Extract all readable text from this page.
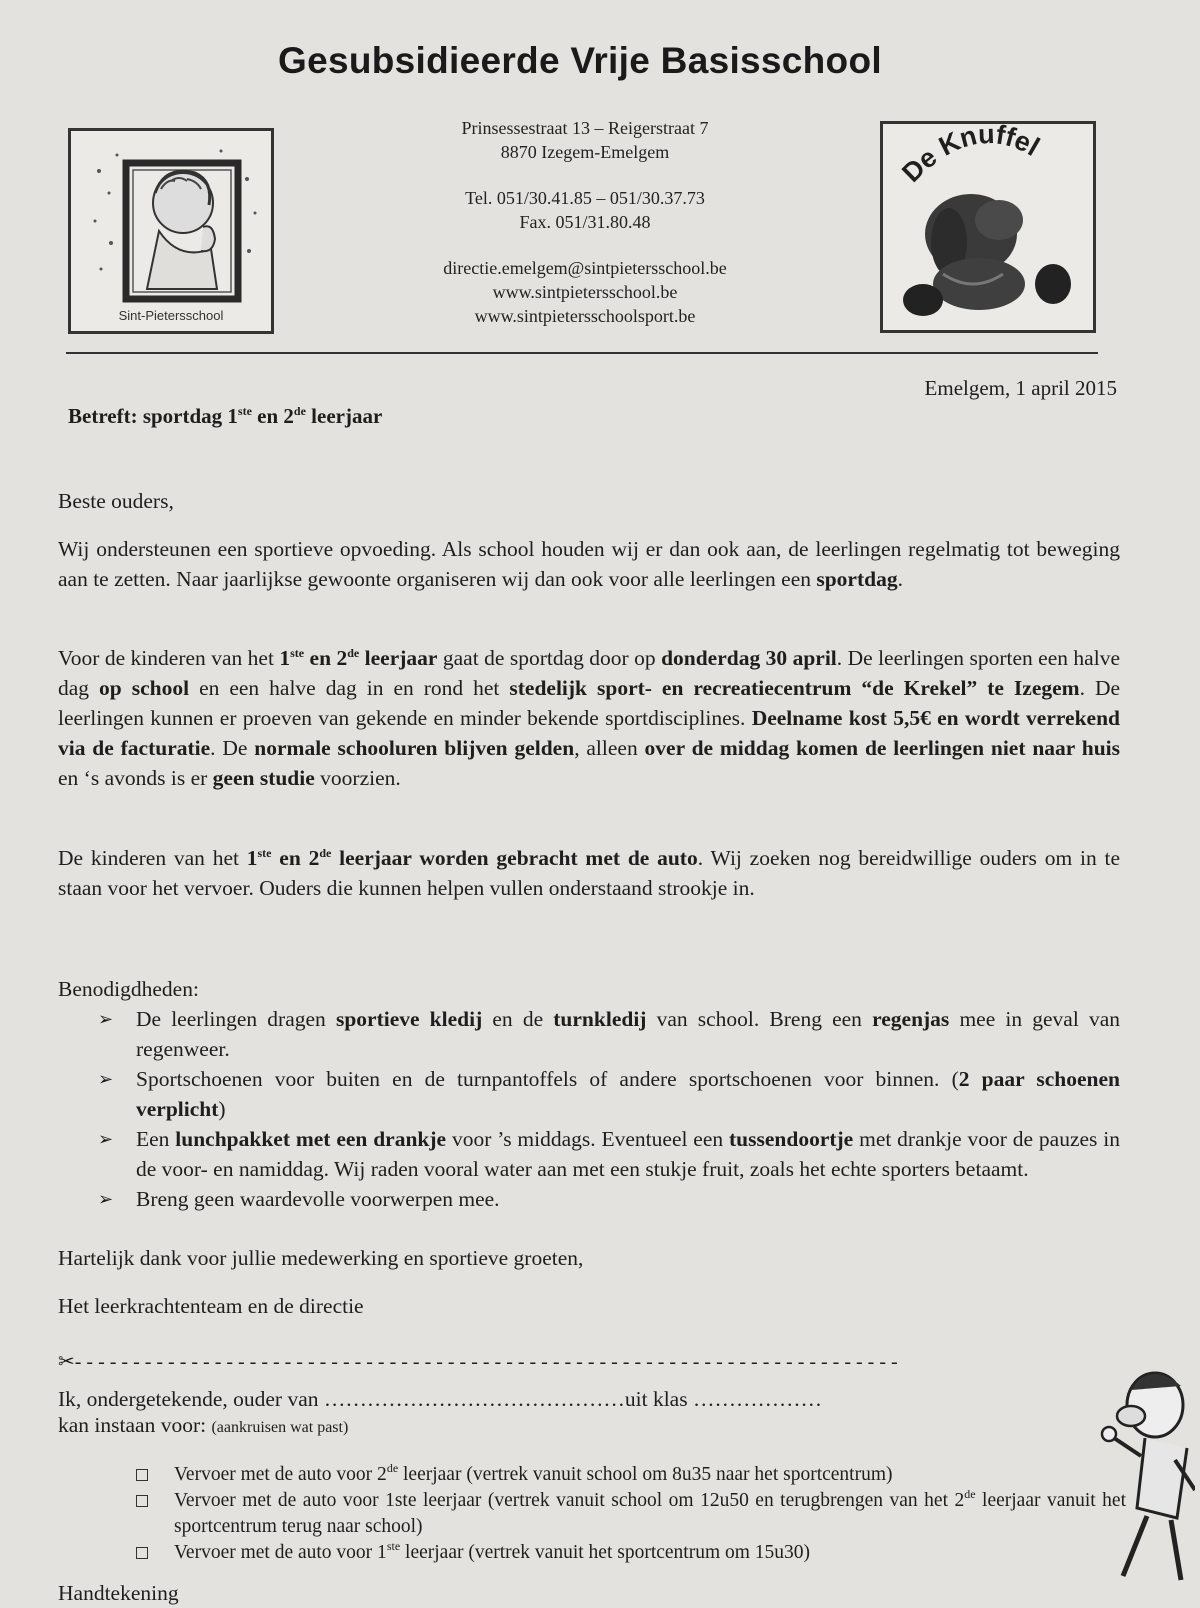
Gesubsidieerde Vrije Basisschool
Sint-Pietersschool
Prinsessestraat 13 – Reigerstraat 7
8870 Izegem-Emelgem
Tel. 051/30.41.85 – 051/30.37.73
Fax. 051/31.80.48
directie.emelgem@sintpietersschool.be
www.sintpietersschool.be
www.sintpietersschoolsport.be
De Knuffel
Emelgem, 1 april 2015
Betreft: sportdag 1ste en 2de leerjaar

Beste ouders,

Wij ondersteunen een sportieve opvoeding. Als school houden wij er dan ook aan, de leerlingen regelmatig tot beweging aan te zetten. Naar jaarlijkse gewoonte organiseren wij dan ook voor alle leerlingen een sportdag.

Voor de kinderen van het 1ste en 2de leerjaar gaat de sportdag door op donderdag 30 april. De leerlingen sporten een halve dag op school en een halve dag in en rond het stedelijk sport- en recreatiecentrum “de Krekel” te Izegem. De leerlingen kunnen er proeven van gekende en minder bekende sportdisciplines. Deelname kost 5,5€ en wordt verrekend via de facturatie. De normale schooluren blijven gelden, alleen over de middag komen de leerlingen niet naar huis en ‘s avonds is er geen studie voorzien.

De kinderen van het 1ste en 2de leerjaar worden gebracht met de auto. Wij zoeken nog bereidwillige ouders om in te staan voor het vervoer. Ouders die kunnen helpen vullen onderstaand strookje in.

Benodigdheden:
➢ De leerlingen dragen sportieve kledij en de turnkledij van school. Breng een regenjas mee in geval van regenweer.
➢ Sportschoenen voor buiten en de turnpantoffels of andere sportschoenen voor binnen. (2 paar schoenen verplicht)
➢ Een lunchpakket met een drankje voor ’s middags. Eventueel een tussendoortje met drankje voor de pauzes in de voor- en namiddag. Wij raden vooral water aan met een stukje fruit, zoals het echte sporters betaamt.
➢ Breng geen waardevolle voorwerpen mee.

Hartelijk dank voor jullie medewerking en sportieve groeten,

Het leerkrachtenteam en de directie

✂- - - - - - - - - - - - - - - - - - - - - - - - - - - - - - - - - - - - - - - - - - - - - - - - - - - - - - - - - - - - - - - - - - - - - - -
Ik, ondergetekende, ouder van ……………………………………uit klas ………………
kan instaan voor: (aankruisen wat past)
Vervoer met de auto voor 2de leerjaar (vertrek vanuit school om 8u35 naar het sportcentrum)
Vervoer met de auto voor 1ste leerjaar (vertrek vanuit school om 12u50 en terugbrengen van het 2de leerjaar vanuit het sportcentrum terug naar school)
Vervoer met de auto voor 1ste leerjaar (vertrek vanuit het sportcentrum om 15u30)

Handtekening
